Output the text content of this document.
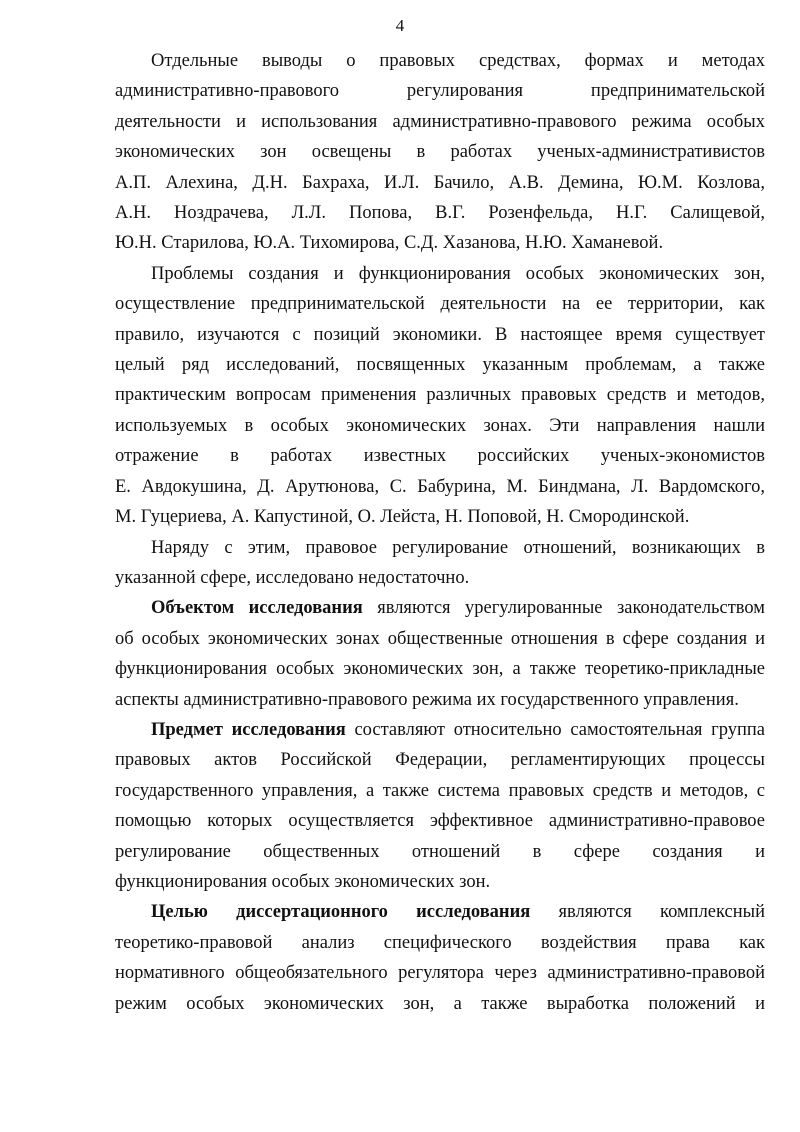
4
Отдельные выводы о правовых средствах, формах и методах
административно-правового регулирования предпринимательской
деятельности и использования административно-правового режима особых
экономических зон освещены в работах ученых-административистов
А.П. Алехина, Д.Н. Бахраха, И.Л. Бачило, А.В. Демина, Ю.М. Козлова,
А.Н. Ноздрачева, Л.Л. Попова, В.Г. Розенфельда, Н.Г. Салищевой,
Ю.Н. Старилова, Ю.А. Тихомирова, С.Д. Хазанова, Н.Ю. Хаманевой.
Проблемы создания и функционирования особых экономических зон,
осуществление предпринимательской деятельности на ее территории, как
правило, изучаются с позиций экономики. В настоящее время существует
целый ряд исследований, посвященных указанным проблемам, а также
практическим вопросам применения различных правовых средств и методов,
используемых в особых экономических зонах. Эти направления нашли
отражение в работах известных российских ученых-экономистов
Е. Авдокушина, Д. Арутюнова, С. Бабурина, М. Биндмана, Л. Вардомского,
М. Гуцериева, А. Капустиной, О. Лейста, Н. Поповой, Н. Смородинской.
Наряду с этим, правовое регулирование отношений, возникающих в
указанной сфере, исследовано недостаточно.
Объектом исследования являются урегулированные законодательством
об особых экономических зонах общественные отношения в сфере создания и
функционирования особых экономических зон, а также теоретико-прикладные
аспекты административно-правового режима их государственного управления.
Предмет исследования составляют относительно самостоятельная группа
правовых актов Российской Федерации, регламентирующих процессы
государственного управления, а также система правовых средств и методов, с
помощью которых осуществляется эффективное административно-правовое
регулирование общественных отношений в сфере создания и
функционирования особых экономических зон.
Целью диссертационного исследования являются комплексный
теоретико-правовой анализ специфического воздействия права как
нормативного общеобязательного регулятора через административно-правовой
режим особых экономических зон, а также выработка положений и
